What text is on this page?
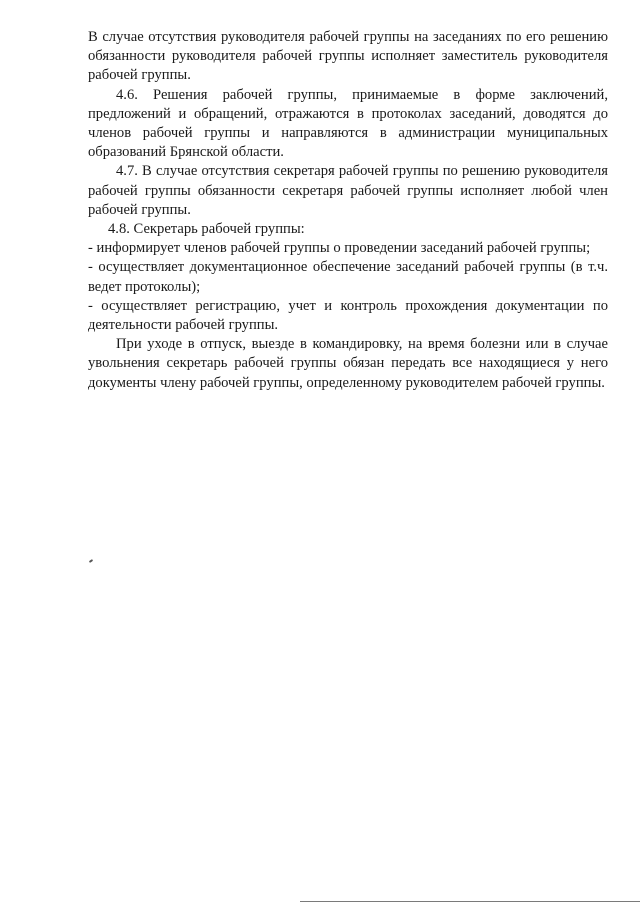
В случае отсутствия руководителя рабочей группы на заседаниях по его решению обязанности руководителя рабочей группы исполняет заместитель руководителя рабочей группы.

4.6. Решения рабочей группы, принимаемые в форме заключений, предложений и обращений, отражаются в протоколах заседаний, доводятся до членов рабочей группы и направляются в администрации муниципальных образований Брянской области.

4.7. В случае отсутствия секретаря рабочей группы по решению руководителя рабочей группы обязанности секретаря рабочей группы исполняет любой член рабочей группы.

4.8. Секретарь рабочей группы:

- информирует членов рабочей группы о проведении заседаний рабочей группы;

- осуществляет документационное обеспечение заседаний рабочей группы (в т.ч. ведет протоколы);

- осуществляет регистрацию, учет и контроль прохождения документации по деятельности рабочей группы.

При уходе в отпуск, выезде в командировку, на время болезни или в случае увольнения секретарь рабочей группы обязан передать все находящиеся у него документы члену рабочей группы, определенному руководителем рабочей группы.
